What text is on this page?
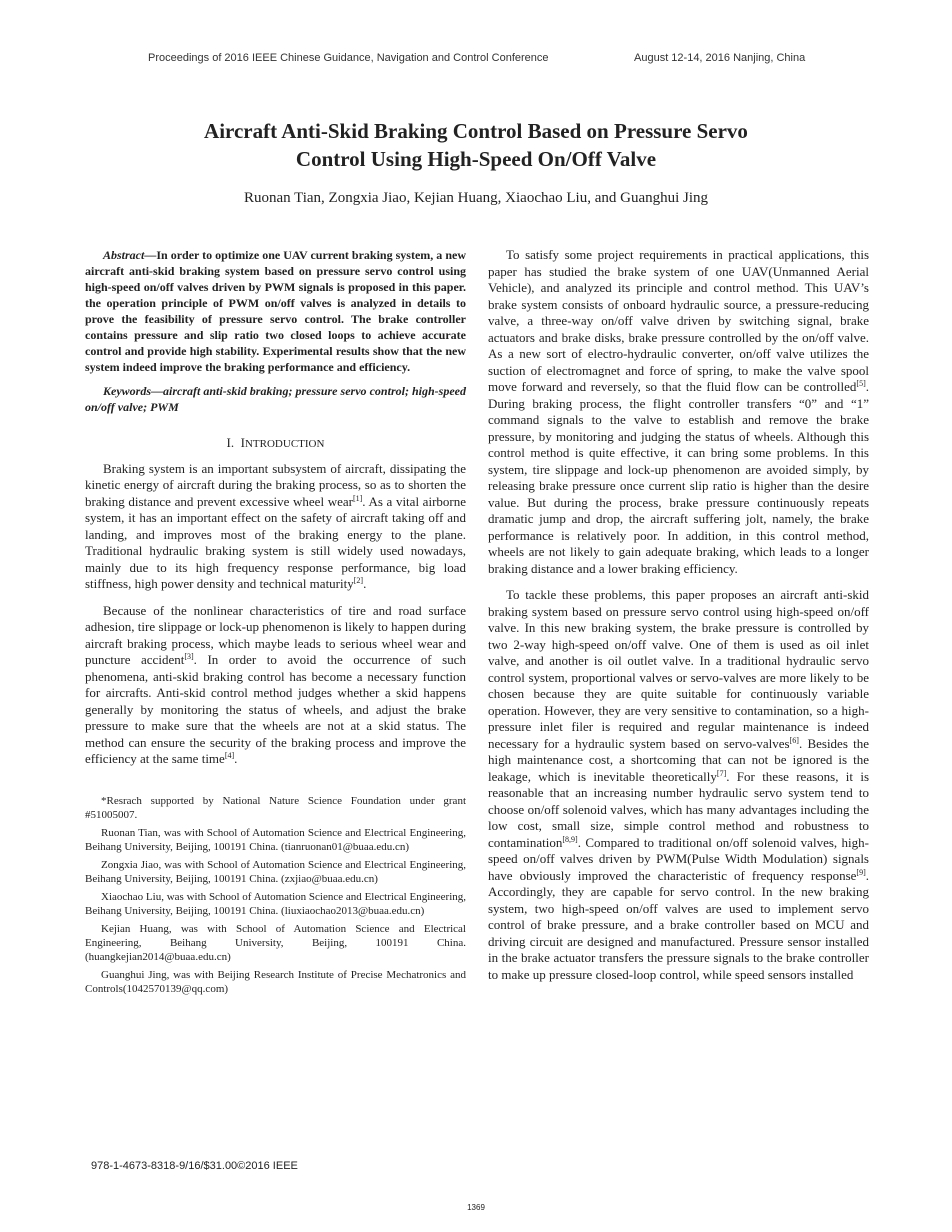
Proceedings of 2016 IEEE Chinese Guidance, Navigation and Control Conference	August 12-14, 2016 Nanjing, China
Aircraft Anti-Skid Braking Control Based on Pressure Servo
Control Using High-Speed On/Off Valve
Ruonan Tian, Zongxia Jiao, Kejian Huang, Xiaochao Liu, and Guanghui Jing

Abstract—In order to optimize one UAV current braking system, a new aircraft anti-skid braking system based on pressure servo control using high-speed on/off valves driven by PWM signals is proposed in this paper. the operation principle of PWM on/off valves is analyzed in details to prove the feasibility of pressure servo control. The brake controller contains pressure and slip ratio two closed loops to achieve accurate control and provide high stability. Experimental results show that the new system indeed improve the braking performance and efficiency.

Keywords—aircraft anti-skid braking; pressure servo control; high-speed on/off valve; PWM

I. INTRODUCTION

Braking system is an important subsystem of aircraft, dissipating the kinetic energy of aircraft during the braking process, so as to shorten the braking distance and prevent excessive wheel wear[1]. As a vital airborne system, it has an important effect on the safety of aircraft taking off and landing, and improves most of the braking energy to the plane. Traditional hydraulic braking system is still widely used nowadays, mainly due to its high frequency response performance, big load stiffness, high power density and technical maturity[2].

Because of the nonlinear characteristics of tire and road surface adhesion, tire slippage or lock-up phenomenon is likely to happen during aircraft braking process, which maybe leads to serious wheel wear and puncture accident[3]. In order to avoid the occurrence of such phenomena, anti-skid braking control has become a necessary function for aircrafts. Anti-skid control method judges whether a skid happens generally by monitoring the status of wheels, and adjust the brake pressure to make sure that the wheels are not at a skid status. The method can ensure the security of the braking process and improve the efficiency at the same time[4].

*Resrach supported by National Nature Science Foundation under grant #51005007.

Ruonan Tian, was with School of Automation Science and Electrical Engineering, Beihang University, Beijing, 100191 China. (tianruonan01@buaa.edu.cn)

Zongxia Jiao, was with School of Automation Science and Electrical Engineering, Beihang University, Beijing, 100191 China. (zxjiao@buaa.edu.cn)

Xiaochao Liu, was with School of Automation Science and Electrical Engineering, Beihang University, Beijing, 100191 China. (liuxiaochao2013@buaa.edu.cn)

Kejian Huang, was with School of Automation Science and Electrical Engineering, Beihang University, Beijing, 100191 China. (huangkejian2014@buaa.edu.cn)

Guanghui Jing, was with Beijing Research Institute of Precise Mechatronics and Controls(1042570139@qq.com)

To satisfy some project requirements in practical applications, this paper has studied the brake system of one UAV(Unmanned Aerial Vehicle), and analyzed its principle and control method. This UAV’s brake system consists of onboard hydraulic source, a pressure-reducing valve, a three-way on/off valve driven by switching signal, brake actuators and brake disks, brake pressure controlled by the on/off valve. As a new sort of electro-hydraulic converter, on/off valve utilizes the suction of electromagnet and force of spring, to make the valve spool move forward and reversely, so that the fluid flow can be controlled[5]. During braking process, the flight controller transfers “0” and “1” command signals to the valve to establish and remove the brake pressure, by monitoring and judging the status of wheels. Although this control method is quite effective, it can bring some problems. In this system, tire slippage and lock-up phenomenon are avoided simply, by releasing brake pressure once current slip ratio is higher than the desire value. But during the process, brake pressure continuously repeats dramatic jump and drop, the aircraft suffering jolt, namely, the brake performance is relatively poor. In addition, in this control method, wheels are not likely to gain adequate braking, which leads to a longer braking distance and a lower braking efficiency.

To tackle these problems, this paper proposes an aircraft anti-skid braking system based on pressure servo control using high-speed on/off valve. In this new braking system, the brake pressure is controlled by two 2-way high-speed on/off valve. One of them is used as oil inlet valve, and another is oil outlet valve. In a traditional hydraulic servo control system, proportional valves or servo-valves are more likely to be chosen because they are quite suitable for continuously variable operation. However, they are very sensitive to contamination, so a high-pressure inlet filer is required and regular maintenance is indeed necessary for a hydraulic system based on servo-valves[6]. Besides the high maintenance cost, a shortcoming that can not be ignored is the leakage, which is inevitable theoretically[7]. For these reasons, it is reasonable that an increasing number hydraulic servo system tend to choose on/off solenoid valves, which has many advantages including the low cost, small size, simple control method and robustness to contamination[8,9]. Compared to traditional on/off solenoid valves, high-speed on/off valves driven by PWM(Pulse Width Modulation) signals have obviously improved the characteristic of frequency response[9]. Accordingly, they are capable for servo control. In the new braking system, two high-speed on/off valves are used to implement servo control of brake pressure, and a brake controller based on MCU and driving circuit are designed and manufactured. Pressure sensor installed in the brake actuator transfers the pressure signals to the brake controller to make up pressure closed-loop control, while speed sensors installed

978-1-4673-8318-9/16/$31.00©2016 IEEE
1369
